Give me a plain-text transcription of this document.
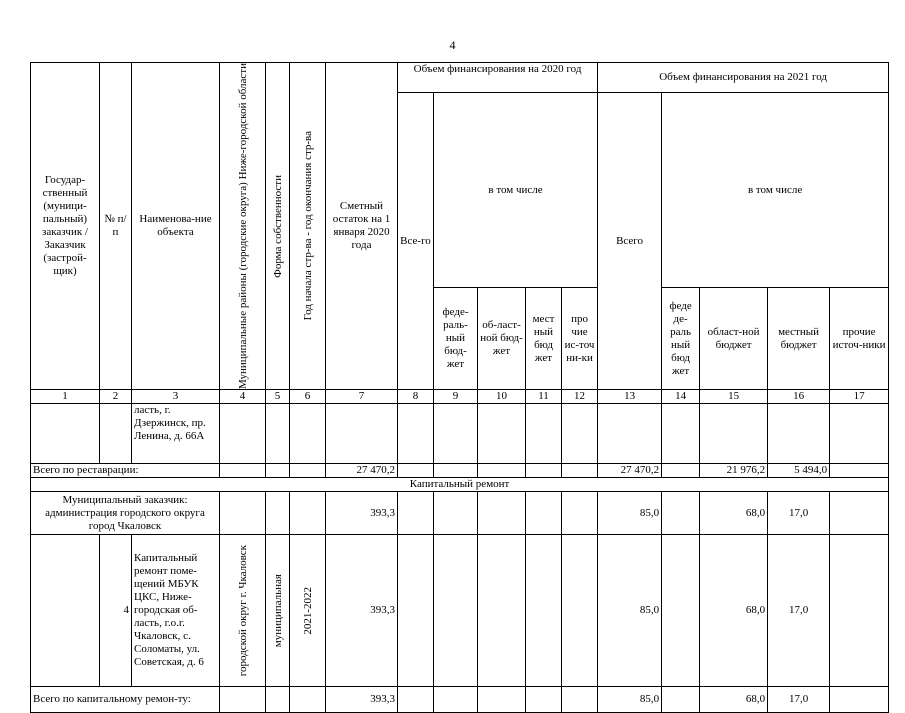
4
Государ-ственный (муници-пальный) заказчик / Заказчик (застрой-щик)	№ п/п	Наименова-ние объекта	Муниципальные районы (городские округа) Ниже-городской области	Форма собственности	Год начала стр-ва - год окончания стр-ва	Сметный остаток на 1 января 2020 года	Объем финансирования на 2020 год					Объем финансирования на 2021 год				
							Все-го	в том числе				Всего	в том числе			
								феде-раль-ный бюд-жет	об-ласт-ной бюд-жет	мест ный бюд жет	про чие ис-точ ни-ки		феде де-раль ный бюд жет	област-ной бюджет	местный бюджет	прочие источ-ники
1	2	3	4	5	6	7	8	9	10	11	12	13	14	15	16	17
		ласть, г. Дзержинск, пр. Ленина, д. 66А														
Всего по реставрации:						27 470,2						27 470,2		21 976,2	5 494,0	
Капитальный ремонт																
Муниципальный заказчик: администрация городского округа город Чкаловск						393,3						85,0		68,0	17,0	
	4	Капитальный ремонт поме-щений МБУК ЦКС, Ниже-городская об-ласть, г.о.г. Чкаловск, с. Соломаты, ул. Советская, д. 6	городской округ г. Чкаловск	муниципальная	2021-2022	393,3						85,0		68,0	17,0	
Всего по капитальному ремон-ту:						393,3						85,0		68,0	17,0	
